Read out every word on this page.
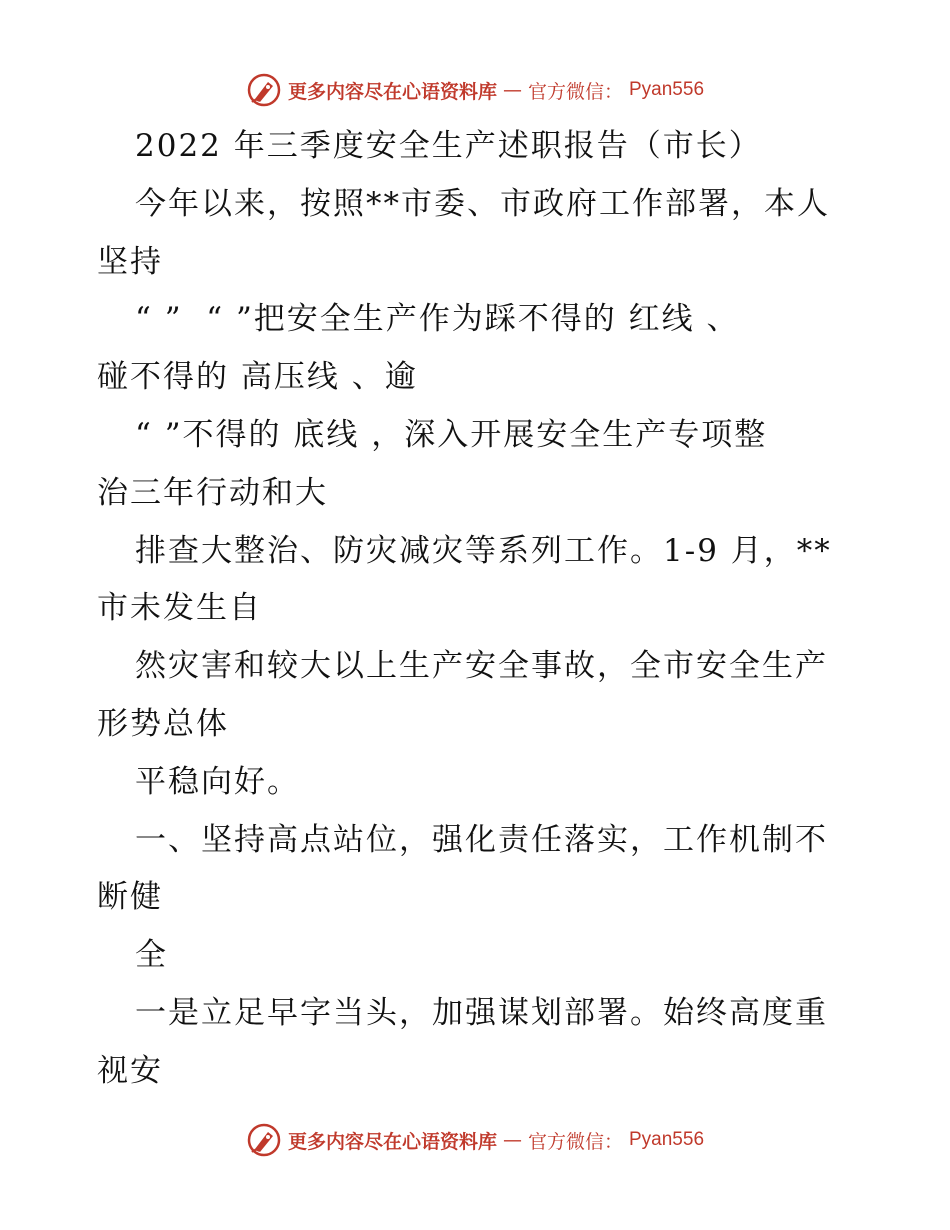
更多内容尽在心语资料库 — 官方微信： Pyan556
2022 年三季度安全生产述职报告（市长）
今年以来，按照**市委、市政府工作部署，本人
坚持
“ ”  “ ”把安全生产作为踩不得的 红线 、
碰不得的 高压线 、逾
“ ”不得的 底线 ，深入开展安全生产专项整
治三年行动和大
排查大整治、防灾减灾等系列工作。1-9 月，**
市未发生自
然灾害和较大以上生产安全事故，全市安全生产
形势总体
平稳向好。
一、坚持高点站位，强化责任落实，工作机制不
断健
全
一是立足早字当头，加强谋划部署。始终高度重
视安
更多内容尽在心语资料库 — 官方微信： Pyan556
